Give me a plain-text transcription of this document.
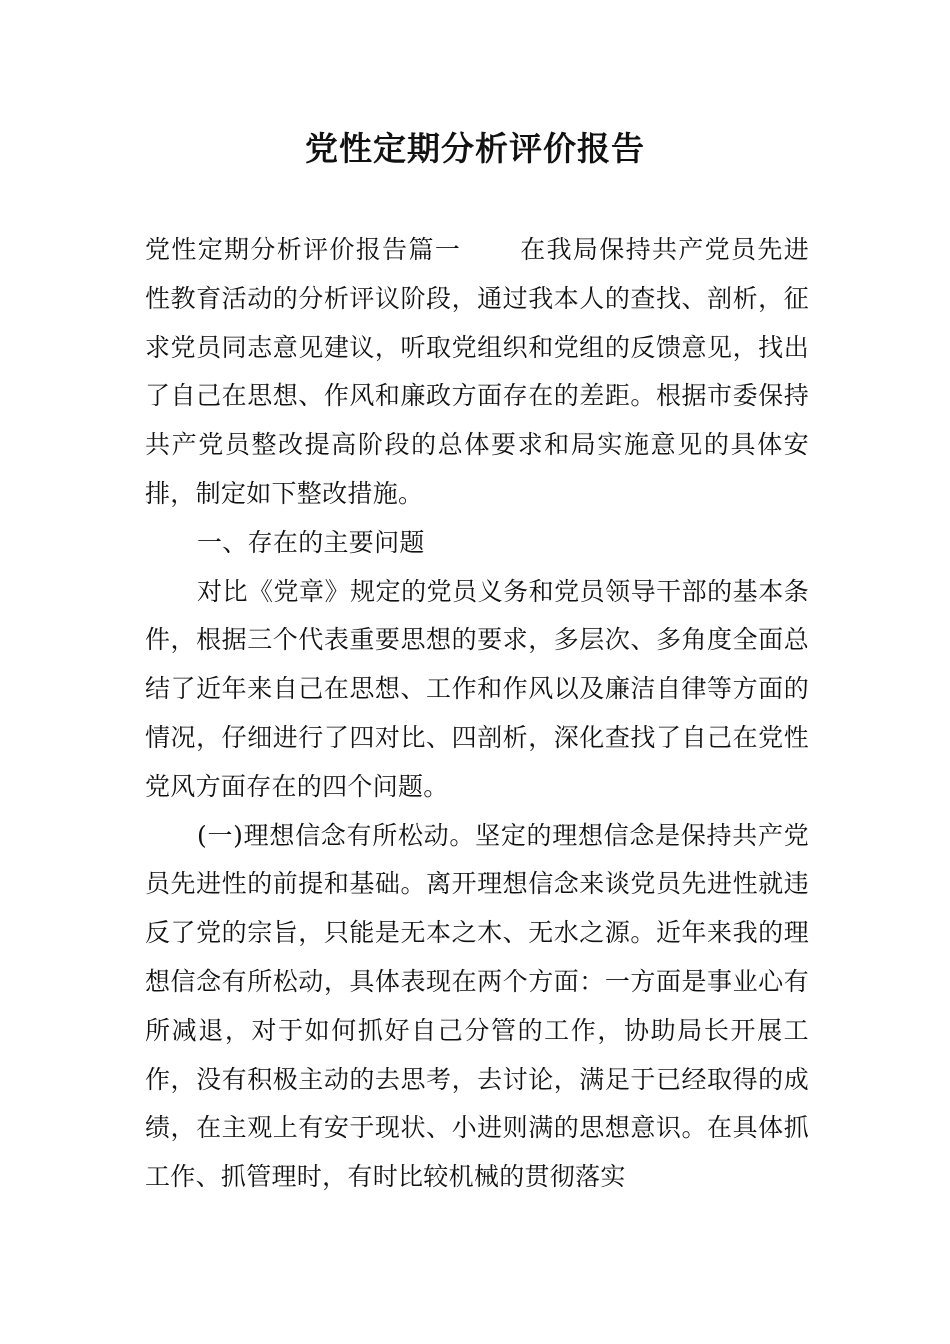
党性定期分析评价报告

党性定期分析评价报告篇一 在我局保持共产党员先进性教育活动的分析评议阶段，通过我本人的查找、剖析，征求党员同志意见建议，听取党组织和党组的反馈意见，找出了自己在思想、作风和廉政方面存在的差距。根据市委保持共产党员整改提高阶段的总体要求和局实施意见的具体安排，制定如下整改措施。

一、存在的主要问题

对比《党章》规定的党员义务和党员领导干部的基本条件，根据三个代表重要思想的要求，多层次、多角度全面总结了近年来自己在思想、工作和作风以及廉洁自律等方面的情况，仔细进行了四对比、四剖析，深化查找了自己在党性党风方面存在的四个问题。

(一)理想信念有所松动。坚定的理想信念是保持共产党员先进性的前提和基础。离开理想信念来谈党员先进性就违反了党的宗旨，只能是无本之木、无水之源。近年来我的理想信念有所松动，具体表现在两个方面：一方面是事业心有所减退，对于如何抓好自己分管的工作，协助局长开展工作，没有积极主动的去思考，去讨论，满足于已经取得的成绩，在主观上有安于现状、小进则满的思想意识。在具体抓工作、抓管理时，有时比较机械的贯彻落实
